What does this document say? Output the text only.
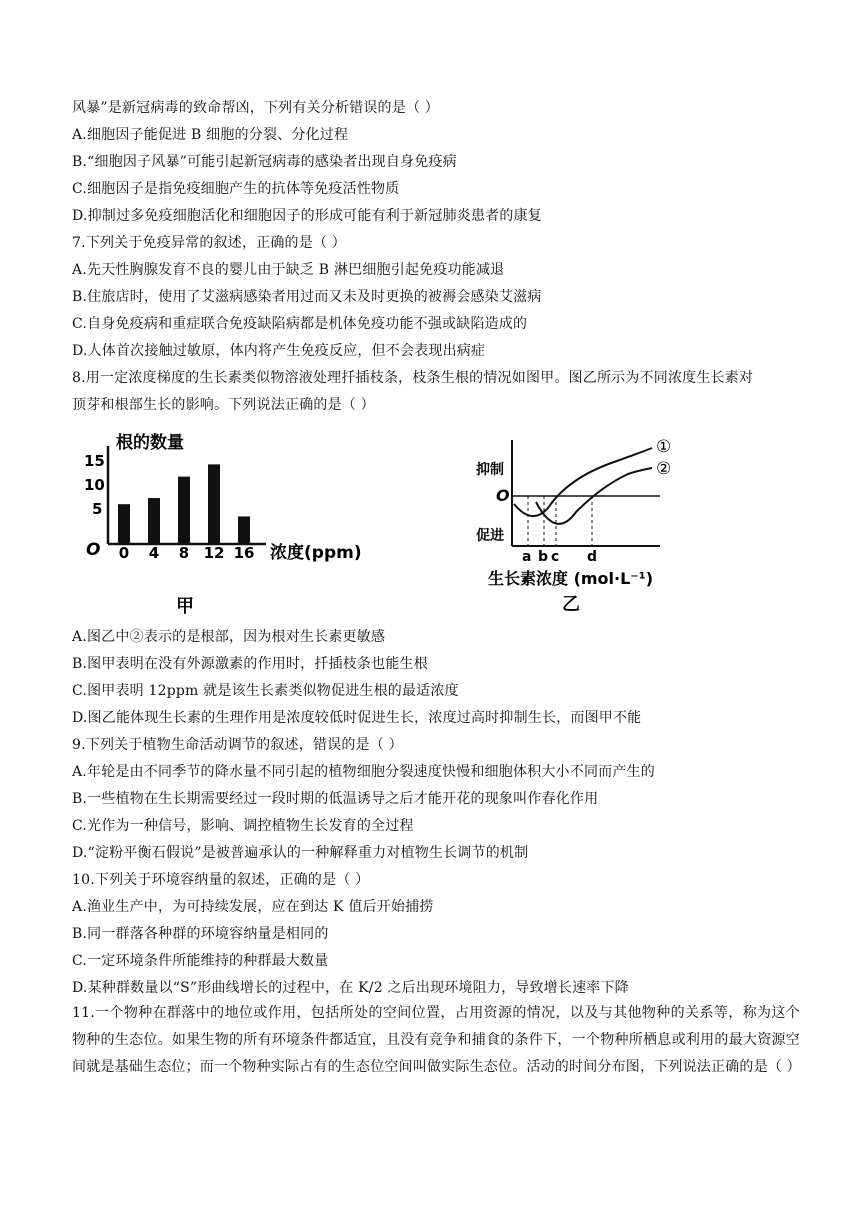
风暴”是新冠病毒的致命帮凶，下列有关分析错误的是（ ）
A.细胞因子能促进 B 细胞的分裂、分化过程
B.“细胞因子风暴”可能引起新冠病毒的感染者出现自身免疫病
C.细胞因子是指免疫细胞产生的抗体等免疫活性物质
D.抑制过多免疫细胞活化和细胞因子的形成可能有利于新冠肺炎患者的康复
7.下列关于免疫异常的叙述，正确的是（ ）
A.先天性胸腺发育不良的婴儿由于缺乏 B 淋巴细胞引起免疫功能减退
B.住旅店时，使用了艾滋病感染者用过而又未及时更换的被褥会感染艾滋病
C.自身免疫病和重症联合免疫缺陷病都是机体免疫功能不强或缺陷造成的
D.人体首次接触过敏原，体内将产生免疫反应，但不会表现出病症
8.用一定浓度梯度的生长素类似物溶液处理扦插枝条，枝条生根的情况如图甲。图乙所示为不同浓度生长素对
顶芽和根部生长的影响。下列说法正确的是（ ）
根的数量
15
10
5
O 0 4 8 12 16 浓度(ppm)
甲
抑制
促进
O
a b c d
①
②
生长素浓度 (mol·L⁻¹)
乙
A.图乙中②表示的是根部，因为根对生长素更敏感
B.图甲表明在没有外源激素的作用时，扦插枝条也能生根
C.图甲表明 12ppm 就是该生长素类似物促进生根的最适浓度
D.图乙能体现生长素的生理作用是浓度较低时促进生长，浓度过高时抑制生长，而图甲不能
9.下列关于植物生命活动调节的叙述，错误的是（ ）
A.年轮是由不同季节的降水量不同引起的植物细胞分裂速度快慢和细胞体积大小不同而产生的
B.一些植物在生长期需要经过一段时期的低温诱导之后才能开花的现象叫作春化作用
C.光作为一种信号，影响、调控植物生长发育的全过程
D.“淀粉平衡石假说”是被普遍承认的一种解释重力对植物生长调节的机制
10.下列关于环境容纳量的叙述，正确的是（ ）
A.渔业生产中，为可持续发展，应在到达 K 值后开始捕捞
B.同一群落各种群的环境容纳量是相同的
C.一定环境条件所能维持的种群最大数量
D.某种群数量以“S”形曲线增长的过程中，在 K/2 之后出现环境阻力，导致增长速率下降
11.一个物种在群落中的地位或作用，包括所处的空间位置，占用资源的情况，以及与其他物种的关系等，称为这个物种的生态位。如果生物的所有环境条件都适宜，且没有竞争和捕食的条件下，一个物种所栖息或利用的最大资源空间就是基础生态位；而一个物种实际占有的生态位空间叫做实际生态位。活动的时间分布图，下列说法正确的是（ ）
